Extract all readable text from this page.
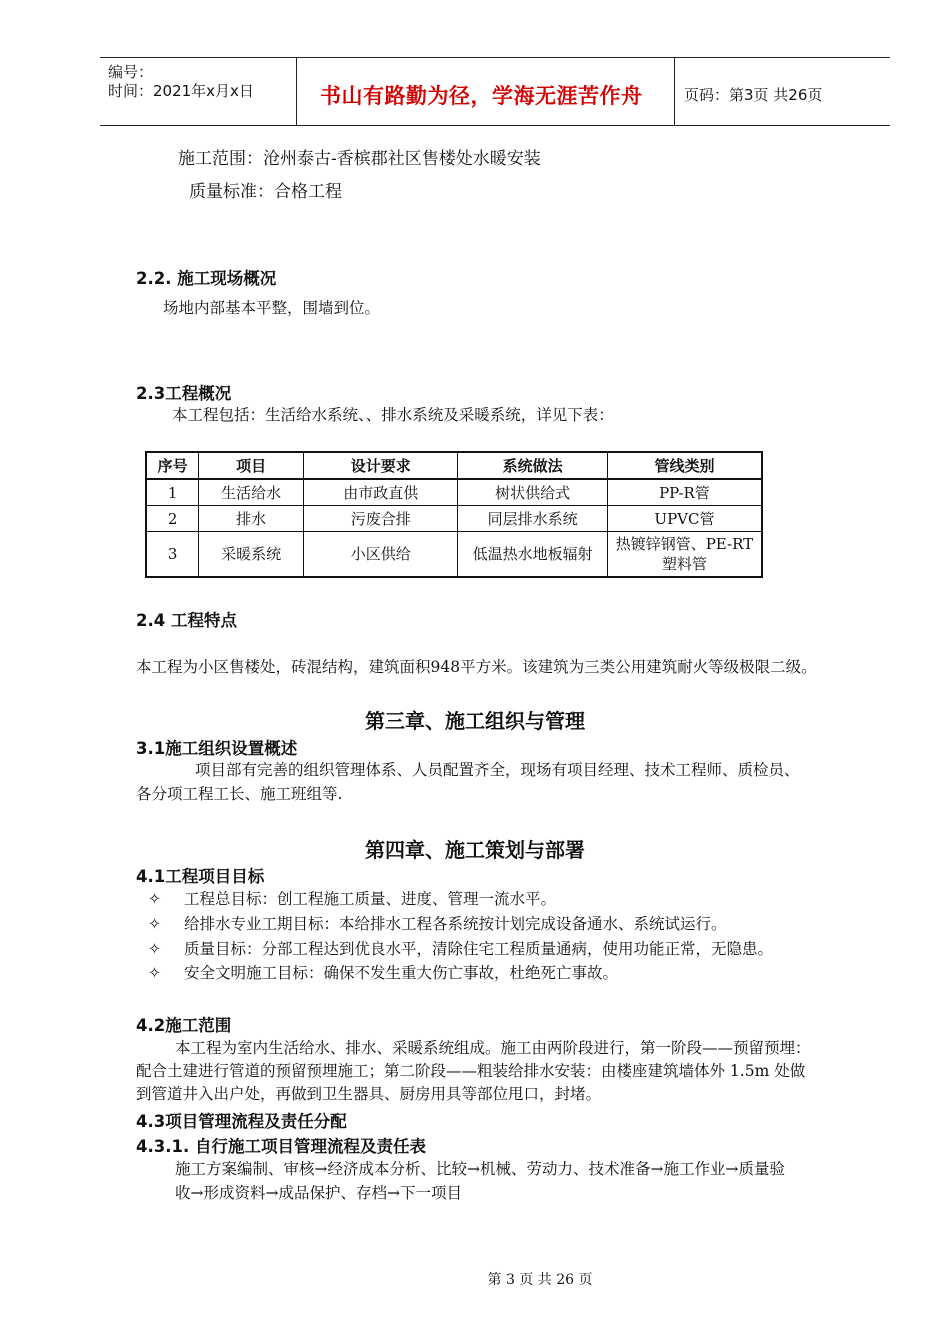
编号：
时间：2021年x月x日	书山有路勤为径，学海无涯苦作舟	页码：第3页 共26页
施工范围：沧州泰古-香槟郡社区售楼处水暖安装
质量标准：合格工程
2.2. 施工现场概况
场地内部基本平整，围墙到位。
2.3工程概况
本工程包括：生活给水系统、、排水系统及采暖系统，详见下表：
序号	项目	设计要求	系统做法	管线类别
1	生活给水	由市政直供	树状供给式	PP-R管
2	排水	污废合排	同层排水系统	UPVC管
3	采暖系统	小区供给	低温热水地板辐射	热镀锌钢管、PE-RT塑料管
2.4 工程特点
本工程为小区售楼处，砖混结构，建筑面积948平方米。该建筑为三类公用建筑耐火等级极限二级。
第三章、施工组织与管理
3.1施工组织设置概述
项目部有完善的组织管理体系、人员配置齐全，现场有项目经理、技术工程师、质检员、
各分项工程工长、施工班组等.
第四章、施工策划与部署
4.1工程项目目标
✧ 工程总目标：创工程施工质量、进度、管理一流水平。
✧ 给排水专业工期目标：本给排水工程各系统按计划完成设备通水、系统试运行。
✧ 质量目标：分部工程达到优良水平，清除住宅工程质量通病，使用功能正常，无隐患。
✧ 安全文明施工目标：确保不发生重大伤亡事故，杜绝死亡事故。
4.2施工范围
本工程为室内生活给水、排水、采暖系统组成。施工由两阶段进行，第一阶段——预留预埋：
配合土建进行管道的预留预埋施工；第二阶段——粗装给排水安装：由楼座建筑墙体外 1.5m 处做
到管道井入出户处，再做到卫生器具、厨房用具等部位甩口，封堵。
4.3项目管理流程及责任分配
4.3.1. 自行施工项目管理流程及责任表
施工方案编制、审核→经济成本分析、比较→机械、劳动力、技术准备→施工作业→质量验
收→形成资料→成品保护、存档→下一项目
第 3 页 共 26 页
